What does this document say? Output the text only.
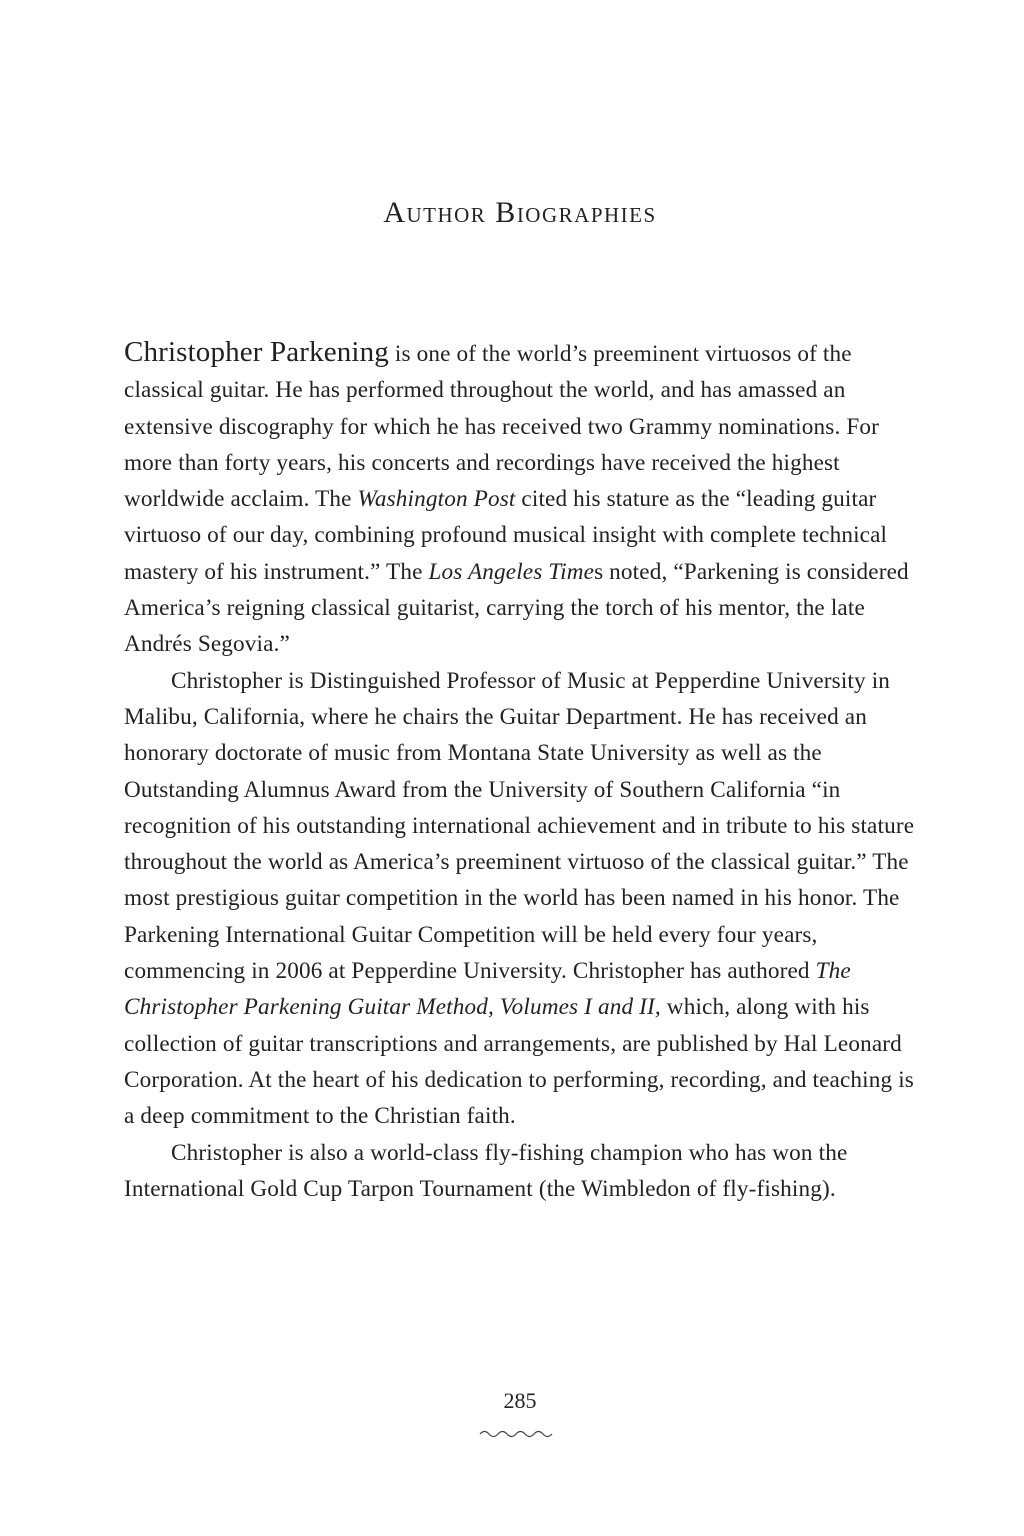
Author Biographies

Christopher Parkening is one of the world’s preeminent virtuosos of the classical guitar. He has performed throughout the world, and has amassed an extensive discography for which he has received two Grammy nominations. For more than forty years, his concerts and recordings have received the highest worldwide acclaim. The Washington Post cited his stature as the “leading guitar virtuoso of our day, combining profound musical insight with complete technical mastery of his instrument.” The Los Angeles Times noted, “Parkening is considered America’s reigning classical guitarist, carrying the torch of his mentor, the late Andrés Segovia.”

Christopher is Distinguished Professor of Music at Pepperdine University in Malibu, California, where he chairs the Guitar Department. He has received an honorary doctorate of music from Montana State University as well as the Outstanding Alumnus Award from the University of Southern California “in recognition of his outstanding international achievement and in tribute to his stature throughout the world as America’s preeminent virtuoso of the classical guitar.” The most prestigious guitar competition in the world has been named in his honor. The Parkening International Guitar Competition will be held every four years, commencing in 2006 at Pepperdine University. Christopher has authored The Christopher Parkening Guitar Method, Volumes I and II, which, along with his collection of guitar transcriptions and arrangements, are published by Hal Leonard Corporation. At the heart of his dedication to performing, recording, and teaching is a deep commitment to the Christian faith.

Christopher is also a world-class fly-fishing champion who has won the International Gold Cup Tarpon Tournament (the Wimbledon of fly-fishing).

285
